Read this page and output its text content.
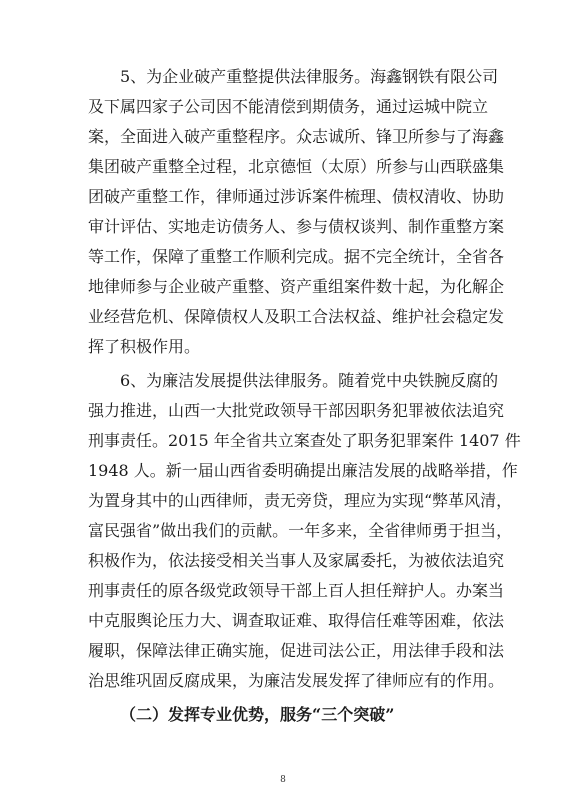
5、为企业破产重整提供法律服务。海鑫钢铁有限公司
及下属四家子公司因不能清偿到期债务，通过运城中院立
案，全面进入破产重整程序。众志诚所、锋卫所参与了海鑫
集团破产重整全过程，北京德恒（太原）所参与山西联盛集
团破产重整工作，律师通过涉诉案件梳理、债权清收、协助
审计评估、实地走访债务人、参与债权谈判、制作重整方案
等工作，保障了重整工作顺利完成。据不完全统计，全省各
地律师参与企业破产重整、资产重组案件数十起，为化解企
业经营危机、保障债权人及职工合法权益、维护社会稳定发
挥了积极作用。
6、为廉洁发展提供法律服务。随着党中央铁腕反腐的
强力推进，山西一大批党政领导干部因职务犯罪被依法追究
刑事责任。2015 年全省共立案查处了职务犯罪案件 1407 件
1948 人。新一届山西省委明确提出廉洁发展的战略举措，作
为置身其中的山西律师，责无旁贷，理应为实现“弊革风清，
富民强省”做出我们的贡献。一年多来，全省律师勇于担当，
积极作为，依法接受相关当事人及家属委托，为被依法追究
刑事责任的原各级党政领导干部上百人担任辩护人。办案当
中克服舆论压力大、调查取证难、取得信任难等困难，依法
履职，保障法律正确实施，促进司法公正，用法律手段和法
治思维巩固反腐成果，为廉洁发展发挥了律师应有的作用。
（二）发挥专业优势，服务“三个突破”
8
